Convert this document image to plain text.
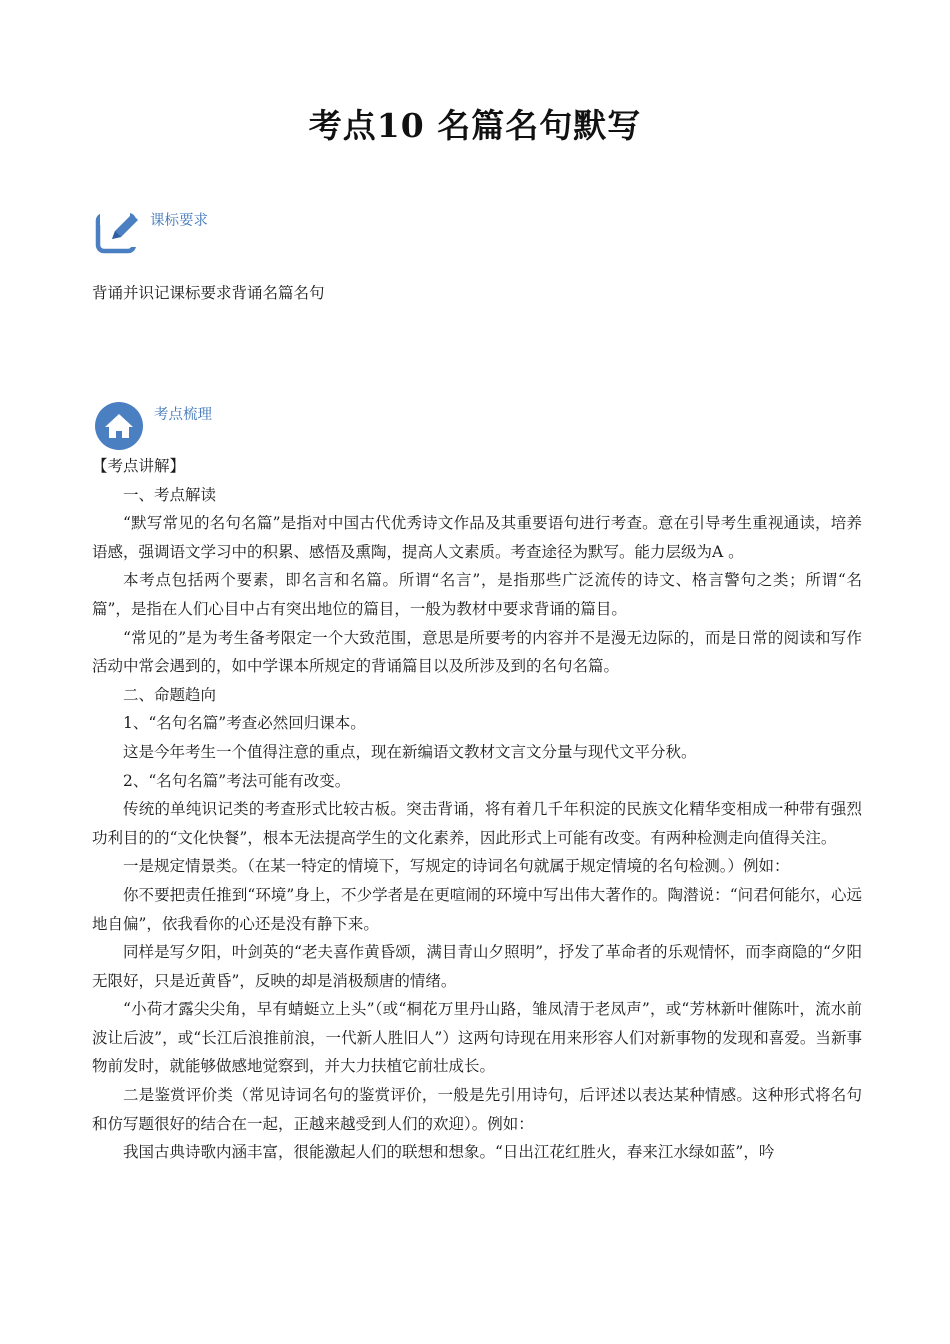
考点10 名篇名句默写
课标要求
背诵并识记课标要求背诵名篇名句
考点梳理

【考点讲解】

一、考点解读

“默写常见的名句名篇”是指对中国古代优秀诗文作品及其重要语句进行考查。意在引导考生重视通读，培养语感，强调语文学习中的积累、感悟及熏陶，提高人文素质。考查途径为默写。能力层级为A 。

本考点包括两个要素，即名言和名篇。所谓“名言”，是指那些广泛流传的诗文、格言警句之类；所谓“名篇”，是指在人们心目中占有突出地位的篇目，一般为教材中要求背诵的篇目。

“常见的”是为考生备考限定一个大致范围，意思是所要考的内容并不是漫无边际的，而是日常的阅读和写作活动中常会遇到的，如中学课本所规定的背诵篇目以及所涉及到的名句名篇。

二、命题趋向

1、“名句名篇”考查必然回归课本。

这是今年考生一个值得注意的重点，现在新编语文教材文言文分量与现代文平分秋。

2、“名句名篇”考法可能有改变。

传统的单纯识记类的考查形式比较古板。突击背诵，将有着几千年积淀的民族文化精华变相成一种带有强烈功利目的的“文化快餐”，根本无法提高学生的文化素养，因此形式上可能有改变。有两种检测走向值得关注。

一是规定情景类。（在某一特定的情境下，写规定的诗词名句就属于规定情境的名句检测。）例如：

你不要把责任推到“环境”身上，不少学者是在更喧闹的环境中写出伟大著作的。陶潜说：“问君何能尔，心远地自偏”，依我看你的心还是没有静下来。

同样是写夕阳，叶剑英的“老夫喜作黄昏颂，满目青山夕照明”，抒发了革命者的乐观情怀，而李商隐的“夕阳无限好，只是近黄昏”，反映的却是消极颓唐的情绪。

“小荷才露尖尖角，早有蜻蜓立上头”（或“桐花万里丹山路，雏凤清于老凤声”，或“芳林新叶催陈叶，流水前波让后波”，或“长江后浪推前浪，一代新人胜旧人”）这两句诗现在用来形容人们对新事物的发现和喜爱。当新事物前发时，就能够做感地觉察到，并大力扶植它前壮成长。

二是鉴赏评价类（常见诗词名句的鉴赏评价，一般是先引用诗句，后评述以表达某种情感。这种形式将名句和仿写题很好的结合在一起，正越来越受到人们的欢迎）。例如：

我国古典诗歌内涵丰富，很能激起人们的联想和想象。“日出江花红胜火，春来江水绿如蓝”，吟
